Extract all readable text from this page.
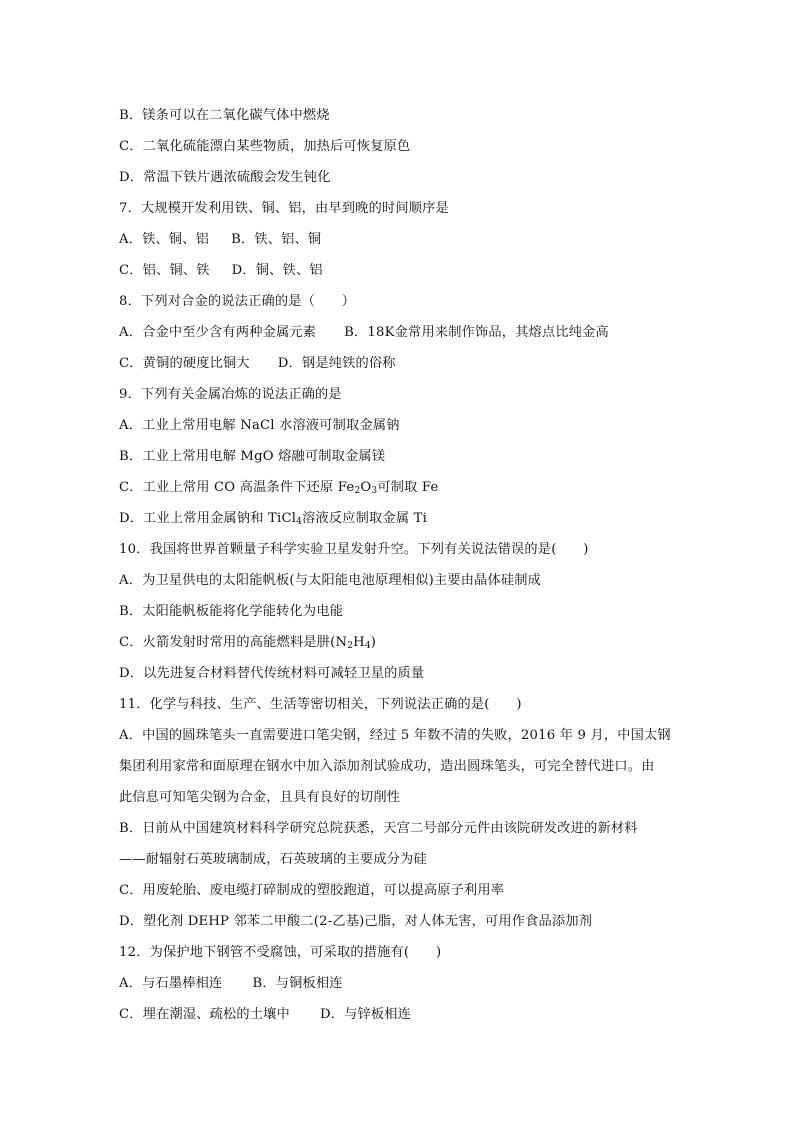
B．镁条可以在二氧化碳气体中燃烧
C．二氧化硫能漂白某些物质，加热后可恢复原色
D．常温下铁片遇浓硫酸会发生钝化
7．大规模开发利用铁、铜、铝，由早到晚的时间顺序是
A．铁、铜、铝 B．铁、铝、铜
C．铝、铜、铁 D．铜、铁、铝
8．下列对合金的说法正确的是（　　）
A．合金中至少含有两种金属元素 B．18K金常用来制作饰品，其熔点比纯金高
C．黄铜的硬度比铜大 D．钢是纯铁的俗称
9．下列有关金属冶炼的说法正确的是
A．工业上常用电解 NaCl 水溶液可制取金属钠
B．工业上常用电解 MgO 熔融可制取金属镁
C．工业上常用 CO 高温条件下还原 $Fe_2O_3$可制取 Fe
D．工业上常用金属钠和 TiCl$_4$溶液反应制取金属 Ti
10．我国将世界首颗量子科学实验卫星发射升空。下列有关说法错误的是(　　)
A．为卫星供电的太阳能帆板(与太阳能电池原理相似)主要由晶体硅制成
B．太阳能帆板能将化学能转化为电能
C．火箭发射时常用的高能燃料是肼$(N_2H_4)$
D．以先进复合材料替代传统材料可减轻卫星的质量
11．化学与科技、生产、生活等密切相关，下列说法正确的是(　　)
A．中国的圆珠笔头一直需要进口笔尖钢，经过 5 年数不清的失败，2016 年 9 月，中国太钢
集团利用家常和面原理在钢水中加入添加剂试验成功，造出圆珠笔头，可完全替代进口。由
此信息可知笔尖钢为合金，且具有良好的切削性
B．日前从中国建筑材料科学研究总院获悉，天宫二号部分元件由该院研发改进的新材料
——耐辐射石英玻璃制成，石英玻璃的主要成分为硅
C．用废轮胎、废电缆打碎制成的塑胶跑道，可以提高原子利用率
D．塑化剂 DEHP 邻苯二甲酸二(2-乙基)己脂，对人体无害，可用作食品添加剂
12．为保护地下钢管不受腐蚀，可采取的措施有(　　)
A．与石墨棒相连 B．与铜板相连
C．埋在潮湿、疏松的土壤中 D．与锌板相连
